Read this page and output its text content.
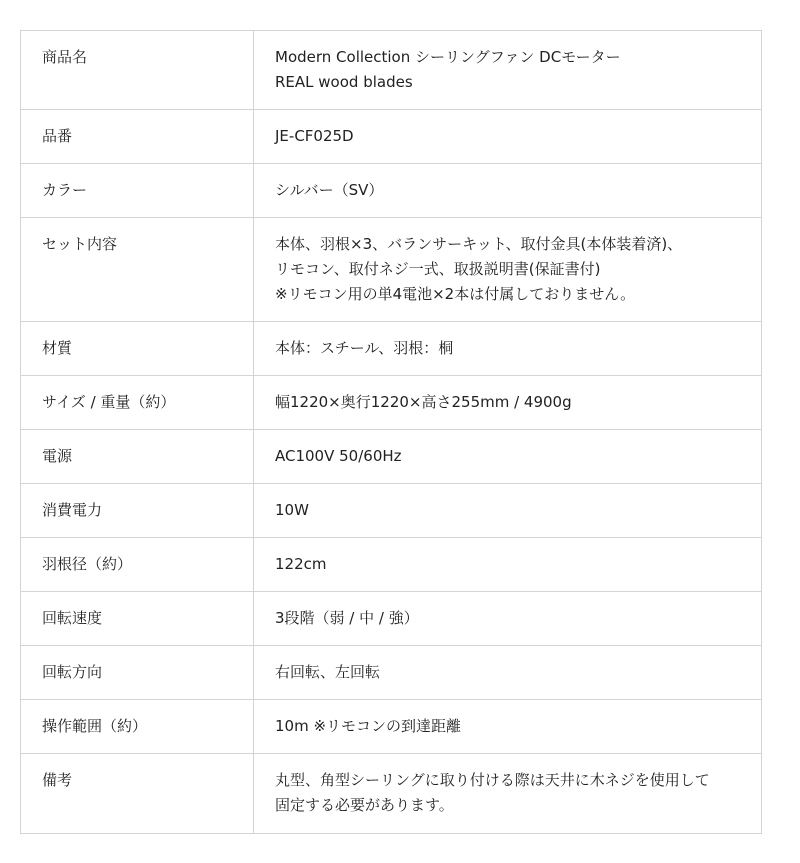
商品名	Modern Collection シーリングファン DCモーター
REAL wood blades

品番	JE-CF025D

カラー	シルバー（SV）

セット内容	本体、羽根×3、バランサーキット、取付金具(本体装着済)、
リモコン、取付ネジ一式、取扱説明書(保証書付)
※リモコン用の単4電池×2本は付属しておりません。

材質	本体：スチール、羽根：桐

サイズ / 重量（約）	幅1220×奥行1220×高さ255mm / 4900g

電源	AC100V 50/60Hz

消費電力	10W

羽根径（約）	122cm

回転速度	3段階（弱 / 中 / 強）

回転方向	右回転、左回転

操作範囲（約）	10m ※リモコンの到達距離

備考	丸型、角型シーリングに取り付ける際は天井に木ネジを使用して
固定する必要があります。
